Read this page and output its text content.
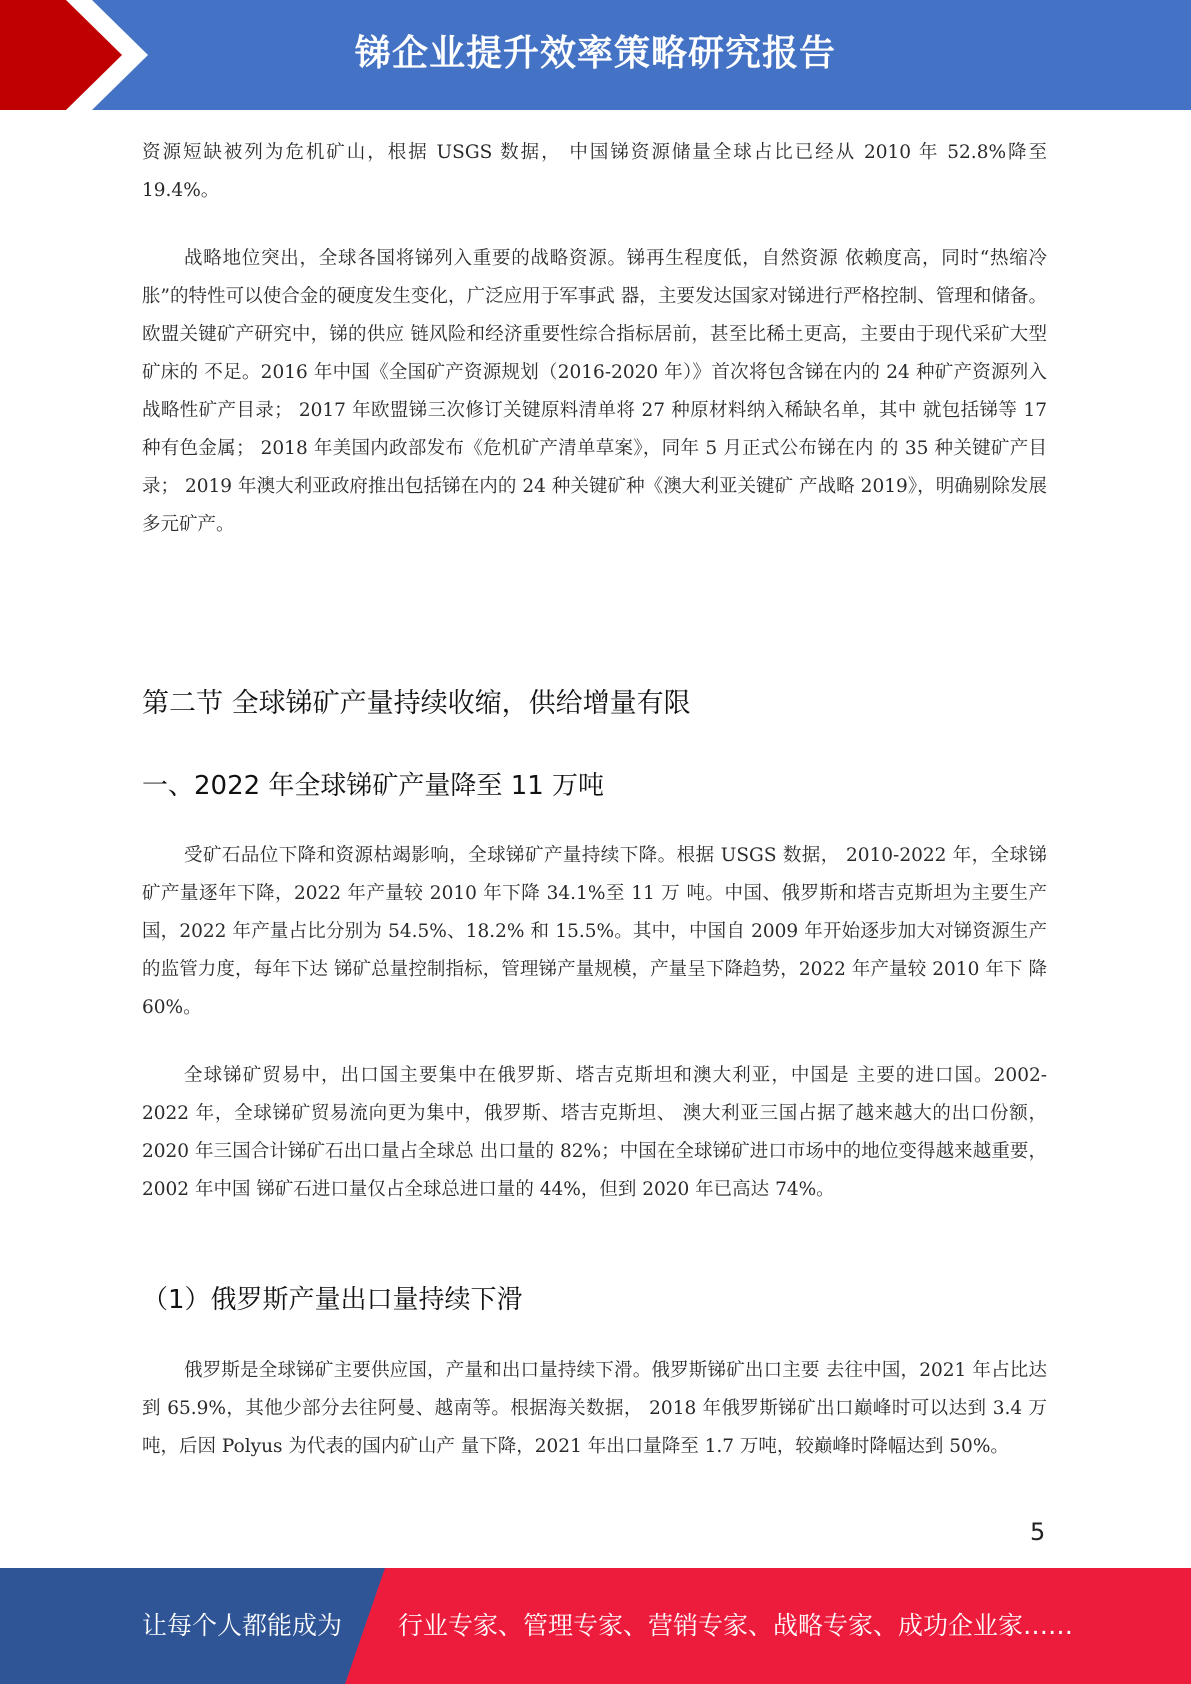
锑企业提升效率策略研究报告

资源短缺被列为危机矿山，根据 USGS 数据， 中国锑资源储量全球占比已经从 2010 年 52.8%降至 19.4%。

战略地位突出，全球各国将锑列入重要的战略资源。锑再生程度低，自然资源 依赖度高，同时“热缩冷胀”的特性可以使合金的硬度发生变化，广泛应用于军事武 器，主要发达国家对锑进行严格控制、管理和储备。欧盟关键矿产研究中，锑的供应 链风险和经济重要性综合指标居前，甚至比稀土更高，主要由于现代采矿大型矿床的 不足。2016 年中国《全国矿产资源规划（2016-2020 年）》首次将包含锑在内的 24 种矿产资源列入战略性矿产目录； 2017 年欧盟锑三次修订关键原料清单将 27 种原材料纳入稀缺名单，其中 就包括锑等 17 种有色金属； 2018 年美国内政部发布《危机矿产清单草案》，同年 5 月正式公布锑在内 的 35 种关键矿产目录； 2019 年澳大利亚政府推出包括锑在内的 24 种关键矿种《澳大利亚关键矿 产战略 2019》，明确剔除发展多元矿产。

第二节 全球锑矿产量持续收缩，供给增量有限
一、2022 年全球锑矿产量降至 11 万吨

受矿石品位下降和资源枯竭影响，全球锑矿产量持续下降。根据 USGS 数据， 2010-2022 年，全球锑矿产量逐年下降，2022 年产量较 2010 年下降 34.1%至 11 万 吨。中国、俄罗斯和塔吉克斯坦为主要生产国，2022 年产量占比分别为 54.5%、18.2% 和 15.5%。其中，中国自 2009 年开始逐步加大对锑资源生产的监管力度，每年下达 锑矿总量控制指标，管理锑产量规模，产量呈下降趋势，2022 年产量较 2010 年下 降 60%。

全球锑矿贸易中，出口国主要集中在俄罗斯、塔吉克斯坦和澳大利亚，中国是 主要的进口国。2002-2022 年，全球锑矿贸易流向更为集中，俄罗斯、塔吉克斯坦、 澳大利亚三国占据了越来越大的出口份额，2020 年三国合计锑矿石出口量占全球总 出口量的 82%；中国在全球锑矿进口市场中的地位变得越来越重要， 2002 年中国 锑矿石进口量仅占全球总进口量的 44%，但到 2020 年已高达 74%。

（1）俄罗斯产量出口量持续下滑

俄罗斯是全球锑矿主要供应国，产量和出口量持续下滑。俄罗斯锑矿出口主要 去往中国，2021 年占比达到 65.9%，其他少部分去往阿曼、越南等。根据海关数据， 2018 年俄罗斯锑矿出口巅峰时可以达到 3.4 万吨，后因 Polyus 为代表的国内矿山产 量下降，2021 年出口量降至 1.7 万吨，较巅峰时降幅达到 50%。

5
让每个人都能成为 行业专家、管理专家、营销专家、战略专家、成功企业家……
